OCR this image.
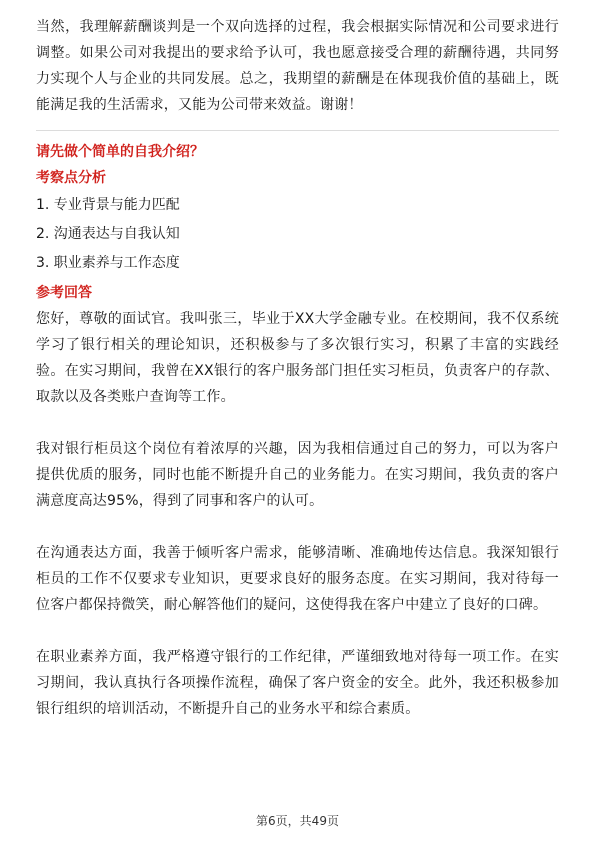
当然，我理解薪酬谈判是一个双向选择的过程，我会根据实际情况和公司要求进行调整。如果公司对我提出的要求给予认可，我也愿意接受合理的薪酬待遇，共同努力实现个人与企业的共同发展。总之，我期望的薪酬是在体现我价值的基础上，既能满足我的生活需求，又能为公司带来效益。谢谢！

请先做个简单的自我介绍？

考察点分析

1. 专业背景与能力匹配

2. 沟通表达与自我认知

3. 职业素养与工作态度

参考回答

您好，尊敬的面试官。我叫张三，毕业于XX大学金融专业。在校期间，我不仅系统学习了银行相关的理论知识，还积极参与了多次银行实习，积累了丰富的实践经验。在实习期间，我曾在XX银行的客户服务部门担任实习柜员，负责客户的存款、取款以及各类账户查询等工作。

我对银行柜员这个岗位有着浓厚的兴趣，因为我相信通过自己的努力，可以为客户提供优质的服务，同时也能不断提升自己的业务能力。在实习期间，我负责的客户满意度高达95%，得到了同事和客户的认可。

在沟通表达方面，我善于倾听客户需求，能够清晰、准确地传达信息。我深知银行柜员的工作不仅要求专业知识，更要求良好的服务态度。在实习期间，我对待每一位客户都保持微笑，耐心解答他们的疑问，这使得我在客户中建立了良好的口碑。

在职业素养方面，我严格遵守银行的工作纪律，严谨细致地对待每一项工作。在实习期间，我认真执行各项操作流程，确保了客户资金的安全。此外，我还积极参加银行组织的培训活动，不断提升自己的业务水平和综合素质。

第6页，共49页
